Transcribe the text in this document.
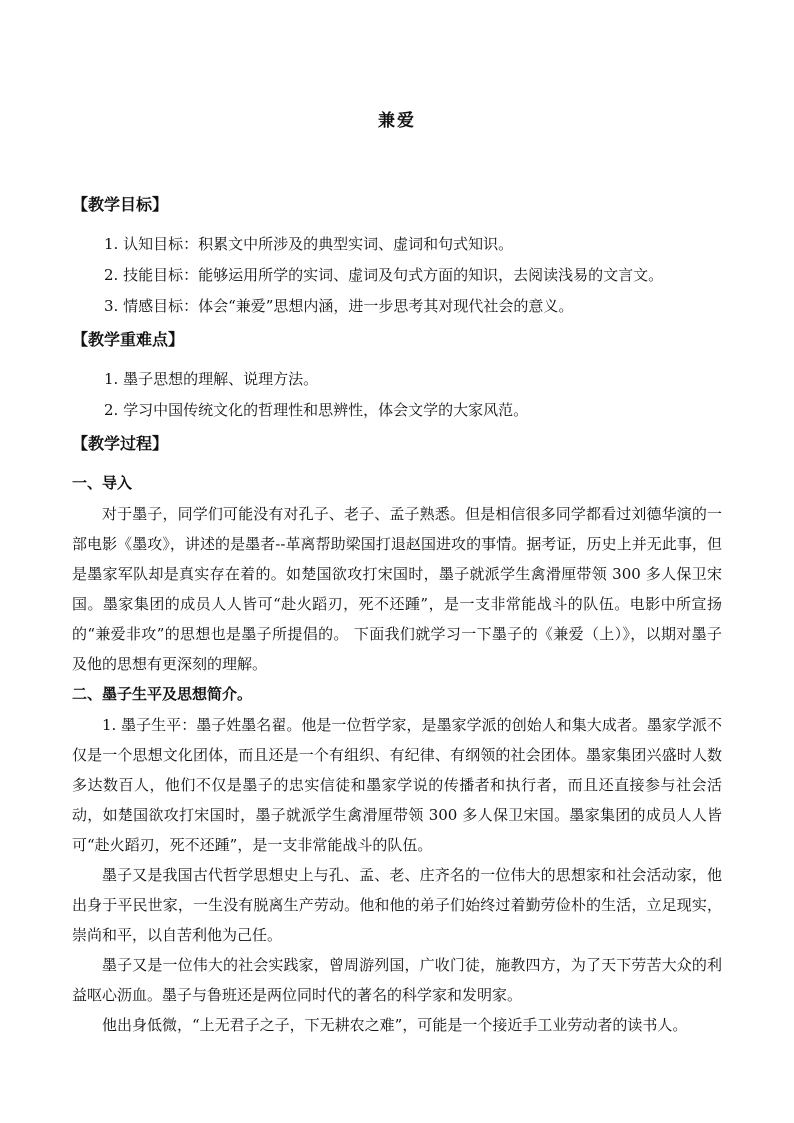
兼爱
【教学目标】
1. 认知目标：积累文中所涉及的典型实词、虚词和句式知识。
2. 技能目标：能够运用所学的实词、虚词及句式方面的知识，去阅读浅易的文言文。
3. 情感目标：体会“兼爱”思想内涵，进一步思考其对现代社会的意义。
【教学重难点】
1. 墨子思想的理解、说理方法。
2. 学习中国传统文化的哲理性和思辨性，体会文学的大家风范。
【教学过程】
一、导入

对于墨子，同学们可能没有对孔子、老子、孟子熟悉。但是相信很多同学都看过刘德华演的一部电影《墨攻》，讲述的是墨者--革离帮助梁国打退赵国进攻的事情。据考证，历史上并无此事，但是墨家军队却是真实存在着的。如楚国欲攻打宋国时，墨子就派学生禽滑厘带领 300 多人保卫宋国。墨家集团的成员人人皆可“赴火蹈刃，死不还踵”，是一支非常能战斗的队伍。电影中所宣扬的“兼爱非攻”的思想也是墨子所提倡的。 下面我们就学习一下墨子的《兼爱（上）》，以期对墨子及他的思想有更深刻的理解。

二、墨子生平及思想简介。

1. 墨子生平：墨子姓墨名翟。他是一位哲学家，是墨家学派的创始人和集大成者。墨家学派不仅是一个思想文化团体，而且还是一个有组织、有纪律、有纲领的社会团体。墨家集团兴盛时人数多达数百人，他们不仅是墨子的忠实信徒和墨家学说的传播者和执行者，而且还直接参与社会活动，如楚国欲攻打宋国时，墨子就派学生禽滑厘带领 300 多人保卫宋国。墨家集团的成员人人皆可“赴火蹈刃，死不还踵”，是一支非常能战斗的队伍。

墨子又是我国古代哲学思想史上与孔、孟、老、庄齐名的一位伟大的思想家和社会活动家，他出身于平民世家，一生没有脱离生产劳动。他和他的弟子们始终过着勤劳俭朴的生活，立足现实，崇尚和平，以自苦利他为己任。

墨子又是一位伟大的社会实践家，曾周游列国，广收门徒，施教四方，为了天下劳苦大众的利益呕心沥血。墨子与鲁班还是两位同时代的著名的科学家和发明家。

他出身低微，“上无君子之子，下无耕农之难”，可能是一个接近手工业劳动者的读书人。
